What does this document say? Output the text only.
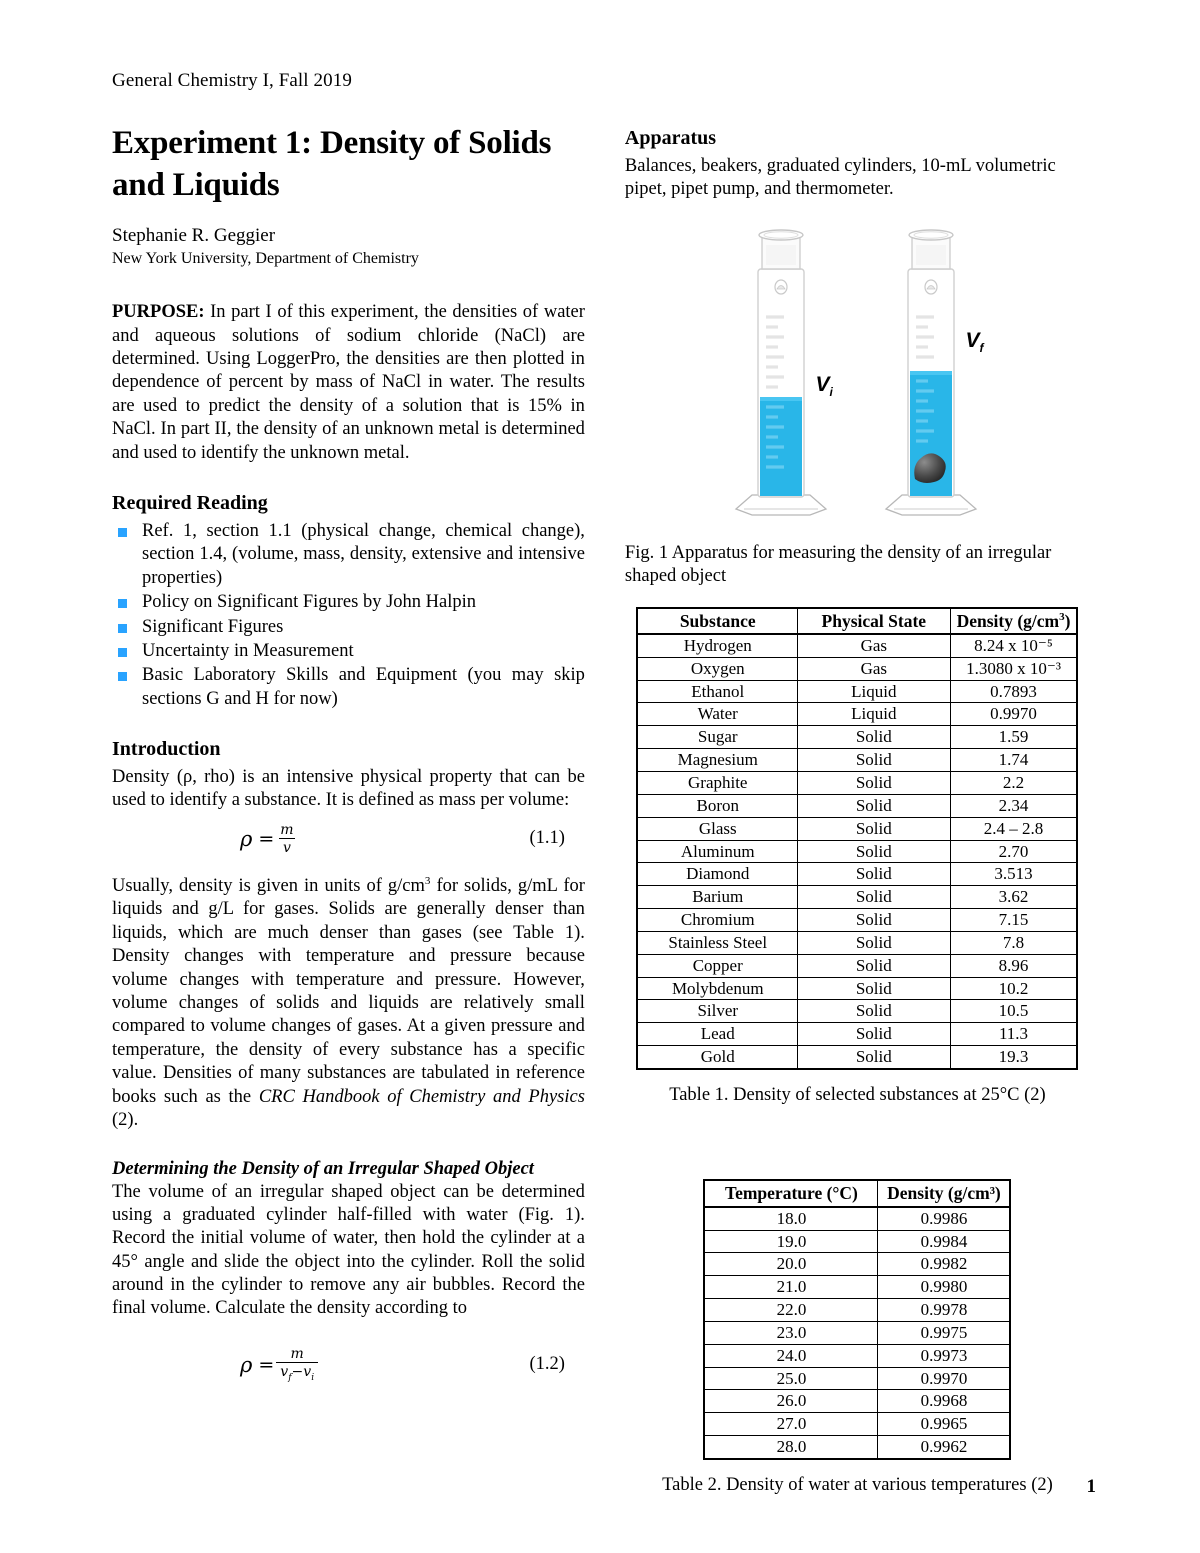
General Chemistry I, Fall 2019
Experiment 1: Density of Solids and Liquids

Stephanie R. Geggier

New York University, Department of Chemistry

PURPOSE: In part I of this experiment, the densities of water and aqueous solutions of sodium chloride (NaCl) are determined. Using LoggerPro, the densities are then plotted in dependence of percent by mass of NaCl in water. The results are used to predict the density of a solution that is 15% in NaCl. In part II, the density of an unknown metal is determined and used to identify the unknown metal.

Required Reading
Ref. 1, section 1.1 (physical change, chemical change), section 1.4, (volume, mass, density, extensive and intensive properties)
Policy on Significant Figures by John Halpin
Significant Figures
Uncertainty in Measurement
Basic Laboratory Skills and Equipment (you may skip sections G and H for now)
Introduction

Density (ρ, rho) is an intensive physical property that can be used to identify a substance. It is defined as mass per volume:

$\rho = \frac{m}{v}$	(1.1)

Usually, density is given in units of $g/cm^3$ for solids, g/mL for liquids and g/L for gases. Solids are generally denser than liquids, which are much denser than gases (see Table 1). Density changes with temperature and pressure because volume changes with temperature and pressure. However, volume changes of solids and liquids are relatively small compared to volume changes of gases. At a given pressure and temperature, the density of every substance has a specific value. Densities of many substances are tabulated in reference books such as the CRC Handbook of Chemistry and Physics (2).

Determining the Density of an Irregular Shaped Object

The volume of an irregular shaped object can be determined using a graduated cylinder half-filled with water (Fig. 1). Record the initial volume of water, then hold the cylinder at a 45° angle and slide the object into the cylinder. Roll the solid around in the cylinder to remove any air bubbles. Record the final volume. Calculate the density according to

$\rho = \frac{m}{v_f-v_i}$	(1.2)
Apparatus

Balances, beakers, graduated cylinders, 10-mL volumetric pipet, pipet pump, and thermometer.

$V_i$
$V_f$

Fig. 1 Apparatus for measuring the density of an irregular shaped object

Substance	Physical State	Density $(g/cm^3)$
Hydrogen	Gas	8.24 x 10⁻⁵
Oxygen	Gas	1.3080 x 10⁻³
Ethanol	Liquid	0.7893
Water	Liquid	0.9970
Sugar	Solid	1.59
Magnesium	Solid	1.74
Graphite	Solid	2.2
Boron	Solid	2.34
Glass	Solid	2.4 – 2.8
Aluminum	Solid	2.70
Diamond	Solid	3.513
Barium	Solid	3.62
Chromium	Solid	7.15
Stainless Steel	Solid	7.8
Copper	Solid	8.96
Molybdenum	Solid	10.2
Silver	Solid	10.5
Lead	Solid	11.3
Gold	Solid	19.3

Table 1. Density of selected substances at 25°C (2)

Temperature (°C)	Density (g/cm³)
18.0	0.9986
19.0	0.9984
20.0	0.9982
21.0	0.9980
22.0	0.9978
23.0	0.9975
24.0	0.9973
25.0	0.9970
26.0	0.9968
27.0	0.9965
28.0	0.9962

Table 2. Density of water at various temperatures (2)	1
